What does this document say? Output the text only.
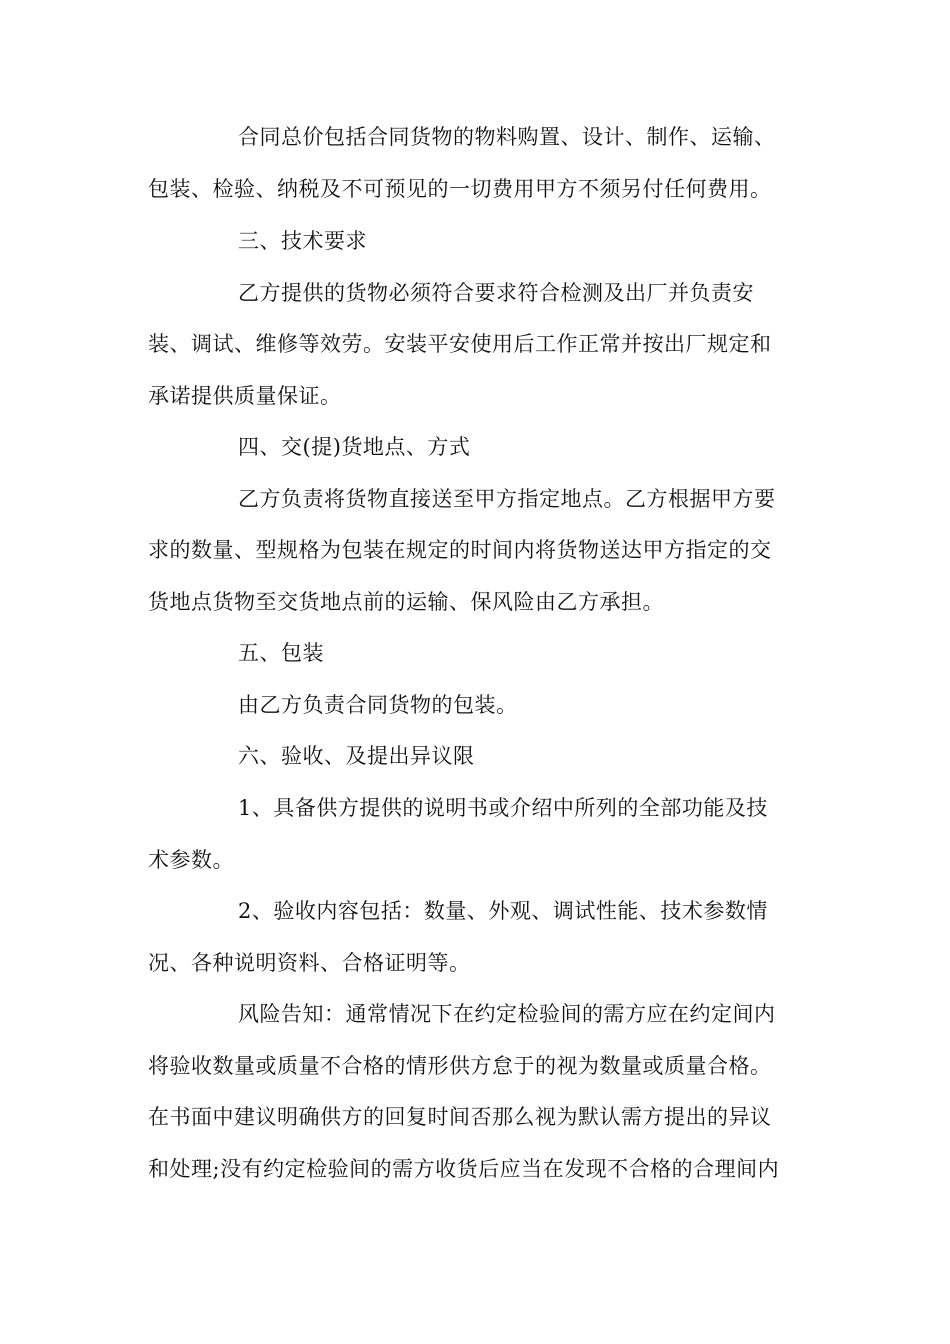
合同总价包括合同货物的物料购置、设计、制作、运输、
包装、检验、纳税及不可预见的一切费用甲方不须另付任何费用。
三、技术要求
乙方提供的货物必须符合要求符合检测及出厂并负责安
装、调试、维修等效劳。安装平安使用后工作正常并按出厂规定和
承诺提供质量保证。
四、交(提)货地点、方式
乙方负责将货物直接送至甲方指定地点。乙方根据甲方要
求的数量、型规格为包装在规定的时间内将货物送达甲方指定的交
货地点货物至交货地点前的运输、保风险由乙方承担。
五、包装
由乙方负责合同货物的包装。
六、验收、及提出异议限
1、具备供方提供的说明书或介绍中所列的全部功能及技
术参数。
2、验收内容包括：数量、外观、调试性能、技术参数情
况、各种说明资料、合格证明等。
风险告知：通常情况下在约定检验间的需方应在约定间内
将验收数量或质量不合格的情形供方怠于的视为数量或质量合格。
在书面中建议明确供方的回复时间否那么视为默认需方提出的异议
和处理;没有约定检验间的需方收货后应当在发现不合格的合理间内
